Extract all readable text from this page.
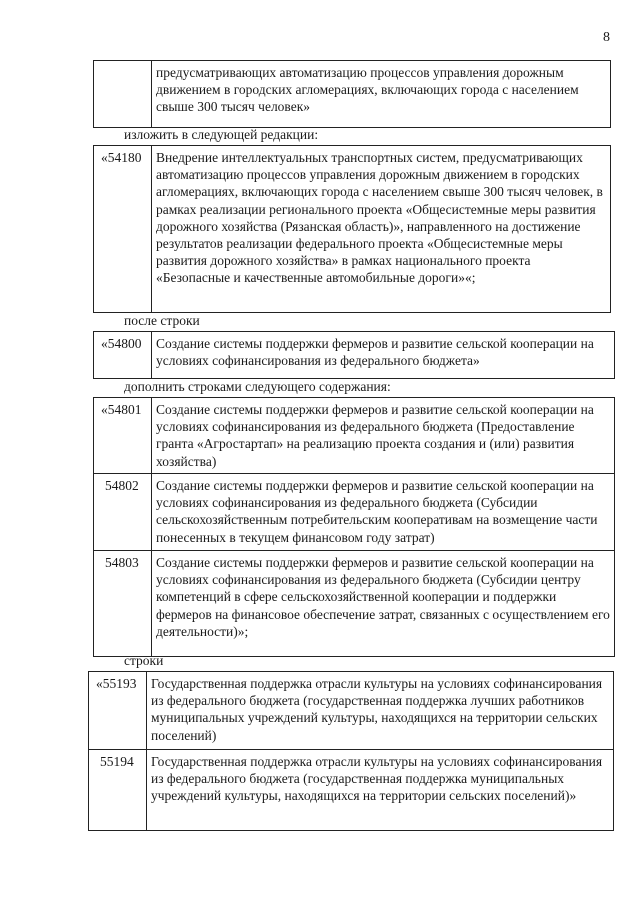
8
предусматривающих автоматизацию процессов управления дорожным движением в городских агломерациях, включающих города с населением свыше 300 тысяч человек»
изложить в следующей редакции:
«54180	Внедрение интеллектуальных транспортных систем, предусматривающих автоматизацию процессов управления дорожным движением в городских агломерациях, включающих города с населением свыше 300 тысяч человек, в рамках реализации регионального проекта «Общесистемные меры развития дорожного хозяйства (Рязанская область)», направленного на достижение результатов реализации федерального проекта «Общесистемные меры развития дорожного хозяйства» в рамках национального проекта «Безопасные и качественные автомобильные дороги»«;
после строки
«54800	Создание системы поддержки фермеров и развитие сельской кооперации на условиях софинансирования из федерального бюджета»
дополнить строками следующего содержания:
«54801	Создание системы поддержки фермеров и развитие сельской кооперации на условиях софинансирования из федерального бюджета (Предоставление гранта «Агростартап» на реализацию проекта создания и (или) развития хозяйства)
54802	Создание системы поддержки фермеров и развитие сельской кооперации на условиях софинансирования из федерального бюджета (Субсидии сельскохозяйственным потребительским кооперативам на возмещение части понесенных в текущем финансовом году затрат)
54803	Создание системы поддержки фермеров и развитие сельской кооперации на условиях софинансирования из федерального бюджета (Субсидии центру компетенций в сфере сельскохозяйственной кооперации и поддержки фермеров на финансовое обеспечение затрат, связанных с осуществлением его деятельности)»;
строки
«55193	Государственная поддержка отрасли культуры на условиях софинансирования из федерального бюджета (государственная поддержка лучших работников муниципальных учреждений культуры, находящихся на территории сельских поселений)
55194	Государственная поддержка отрасли культуры на условиях софинансирования из федерального бюджета (государственная поддержка муниципальных учреждений культуры, находящихся на территории сельских поселений)»
